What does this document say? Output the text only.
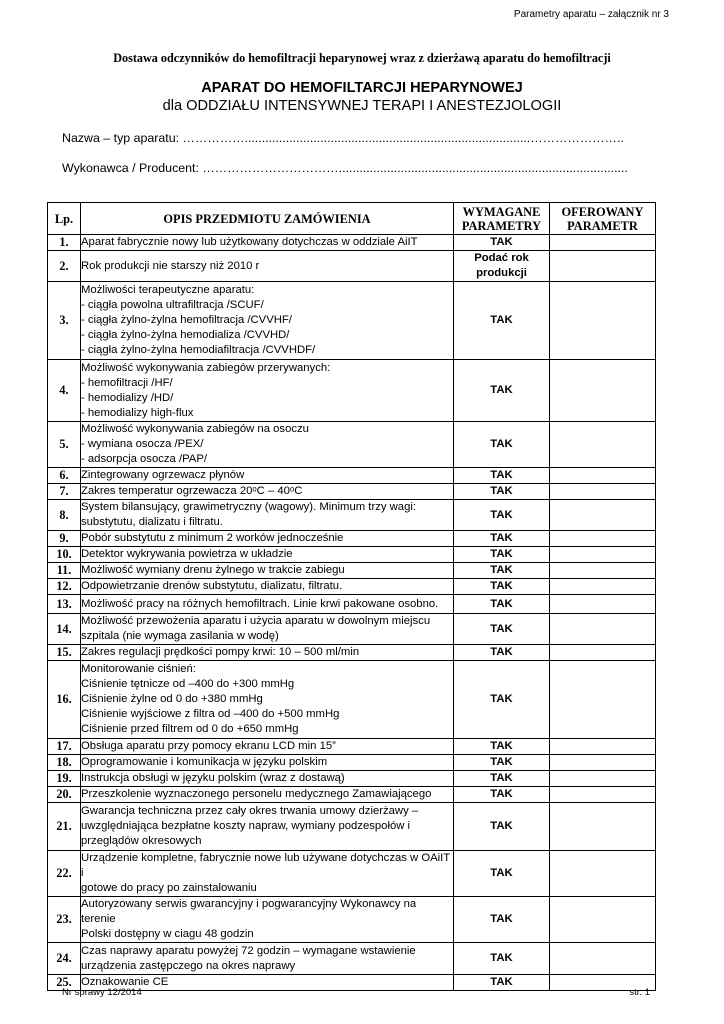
Parametry aparatu – załącznik nr 3
Dostawa odczynników do hemofiltracji heparynowej wraz z dzierżawą aparatu do hemofiltracji
APARAT DO HEMOFILTARCJI HEPARYNOWEJ
dla ODDZIAŁU INTENSYWNEJ TERAPI I ANESTEZJOLOGII
Nazwa – typ aparatu: ……………...................................................................................…………………..
Wykonawca / Producent: ……………………………....................................................................................
Lp.	OPIS PRZEDMIOTU ZAMÓWIENIA	WYMAGANE PARAMETRY	OFEROWANY PARAMETR
1.	Aparat fabrycznie nowy lub użytkowany dotychczas w oddziale AiIT	TAK	
2.	Rok produkcji nie starszy niż 2010 r	Podać rok
produkcji	
3.	Możliwości terapeutyczne aparatu:
- ciągła powolna ultrafiltracja /SCUF/
- ciągła żylno-żylna hemofiltracja /CVVHF/
- ciągła żylno-żylna hemodializa /CVVHD/
- ciągła żylno-żylna hemodiafiltracja /CVVHDF/	TAK	
4.	Możliwość wykonywania zabiegów przerywanych:
- hemofiltracji /HF/
- hemodializy /HD/
- hemodializy high-flux	TAK	
5.	Możliwość wykonywania zabiegów na osoczu
- wymiana osocza /PEX/
- adsorpcja osocza /PAP/	TAK	
6.	Zintegrowany ogrzewacz płynów	TAK	
7.	Zakres temperatur ogrzewacza 20ᵒC – 40ᵒC	TAK	
8.	System bilansujący, grawimetryczny (wagowy). Minimum trzy wagi:
substytutu, dializatu i filtratu.	TAK	
9.	Pobór substytutu z minimum 2 worków jednocześnie	TAK	
10.	Detektor wykrywania powietrza w układzie	TAK	
11.	Możliwość wymiany drenu żylnego w trakcie zabiegu	TAK	
12.	Odpowietrzanie drenów substytutu, dializatu, filtratu.	TAK	
13.	Możliwość pracy na różnych hemofiltrach. Linie krwi pakowane osobno.	TAK	
14.	Możliwość przewożenia aparatu i użycia aparatu w dowolnym miejscu
szpitala (nie wymaga zasilania w wodę)	TAK	
15.	Zakres regulacji prędkości pompy krwi: 10 – 500 ml/min	TAK	
16.	Monitorowanie ciśnień:
Ciśnienie tętnicze od –400 do +300 mmHg
Ciśnienie żylne od 0 do +380 mmHg
Ciśnienie wyjściowe z filtra od –400 do +500 mmHg
Ciśnienie przed filtrem od 0 do +650 mmHg	TAK	
17.	Obsługa aparatu przy pomocy ekranu LCD min 15”	TAK	
18.	Oprogramowanie i komunikacja w języku polskim	TAK	
19.	Instrukcja obsługi w języku polskim (wraz z dostawą)	TAK	
20.	Przeszkolenie wyznaczonego personelu medycznego Zamawiającego	TAK	
21.	Gwarancja techniczna przez cały okres trwania umowy dzierżawy –
uwzględniająca bezpłatne koszty napraw, wymiany podzespołów i
przeglądów okresowych	TAK	
22.	Urządzenie kompletne, fabrycznie nowe lub używane dotychczas w OAiIT i
gotowe do pracy po zainstalowaniu	TAK	
23.	Autoryzowany serwis gwarancyjny i pogwarancyjny Wykonawcy na terenie
Polski dostępny w ciagu 48 godzin	TAK	
24.	Czas naprawy aparatu powyżej 72 godzin – wymagane wstawienie
urządzenia zastępczego na okres naprawy	TAK	
25.	Oznakowanie CE	TAK	
Nr sprawy 12/2014	str. 1
